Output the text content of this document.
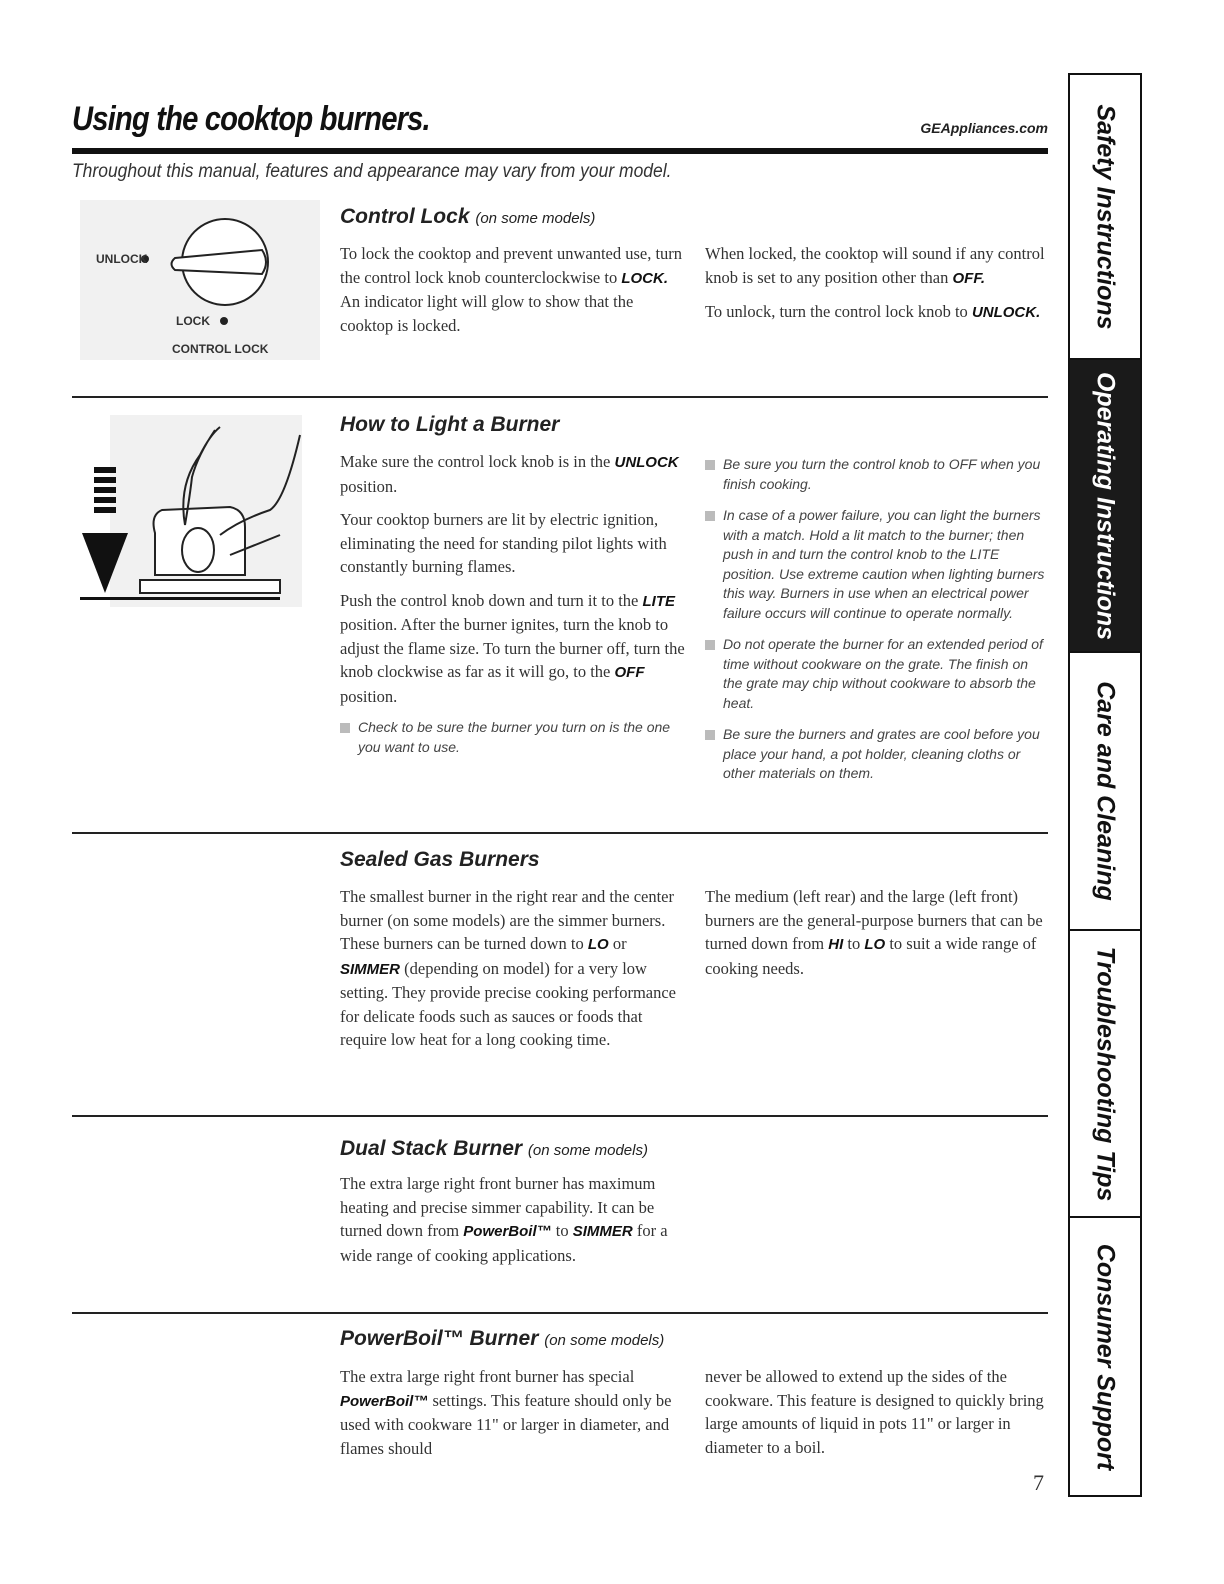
Using the cooktop burners.	GEAppliances.com
Throughout this manual, features and appearance may vary from your model.
UNLOCK
LOCK
CONTROL LOCK
Control Lock (on some models)

To lock the cooktop and prevent unwanted use, turn the control lock knob counterclockwise to LOCK. An indicator light will glow to show that the cooktop is locked.

When locked, the cooktop will sound if any control knob is set to any position other than OFF.

To unlock, turn the control lock knob to UNLOCK.

How to Light a Burner

Make sure the control lock knob is in the UNLOCK position.

Your cooktop burners are lit by electric ignition, eliminating the need for standing pilot lights with constantly burning flames.

Push the control knob down and turn it to the LITE position. After the burner ignites, turn the knob to adjust the flame size. To turn the burner off, turn the knob clockwise as far as it will go, to the OFF position.

Check to be sure the burner you turn on is the one you want to use.
Be sure you turn the control knob to OFF when you finish cooking.
In case of a power failure, you can light the burners with a match. Hold a lit match to the burner; then push in and turn the control knob to the LITE position. Use extreme caution when lighting burners this way. Burners in use when an electrical power failure occurs will continue to operate normally.
Do not operate the burner for an extended period of time without cookware on the grate. The finish on the grate may chip without cookware to absorb the heat.
Be sure the burners and grates are cool before you place your hand, a pot holder, cleaning cloths or other materials on them.
Sealed Gas Burners

The smallest burner in the right rear and the center burner (on some models) are the simmer burners. These burners can be turned down to LO or SIMMER (depending on model) for a very low setting. They provide precise cooking performance for delicate foods such as sauces or foods that require low heat for a long cooking time.

The medium (left rear) and the large (left front) burners are the general-purpose burners that can be turned down from HI to LO to suit a wide range of cooking needs.

Dual Stack Burner (on some models)

The extra large right front burner has maximum heating and precise simmer capability. It can be turned down from PowerBoil™ to SIMMER for a wide range of cooking applications.

PowerBoil™ Burner (on some models)

The extra large right front burner has special PowerBoil™ settings. This feature should only be used with cookware 11" or larger in diameter, and flames should

never be allowed to extend up the sides of the cookware. This feature is designed to quickly bring large amounts of liquid in pots 11" or larger in diameter to a boil.

7
Safety Instructions
Operating Instructions
Care and Cleaning
Troubleshooting Tips
Consumer Support
